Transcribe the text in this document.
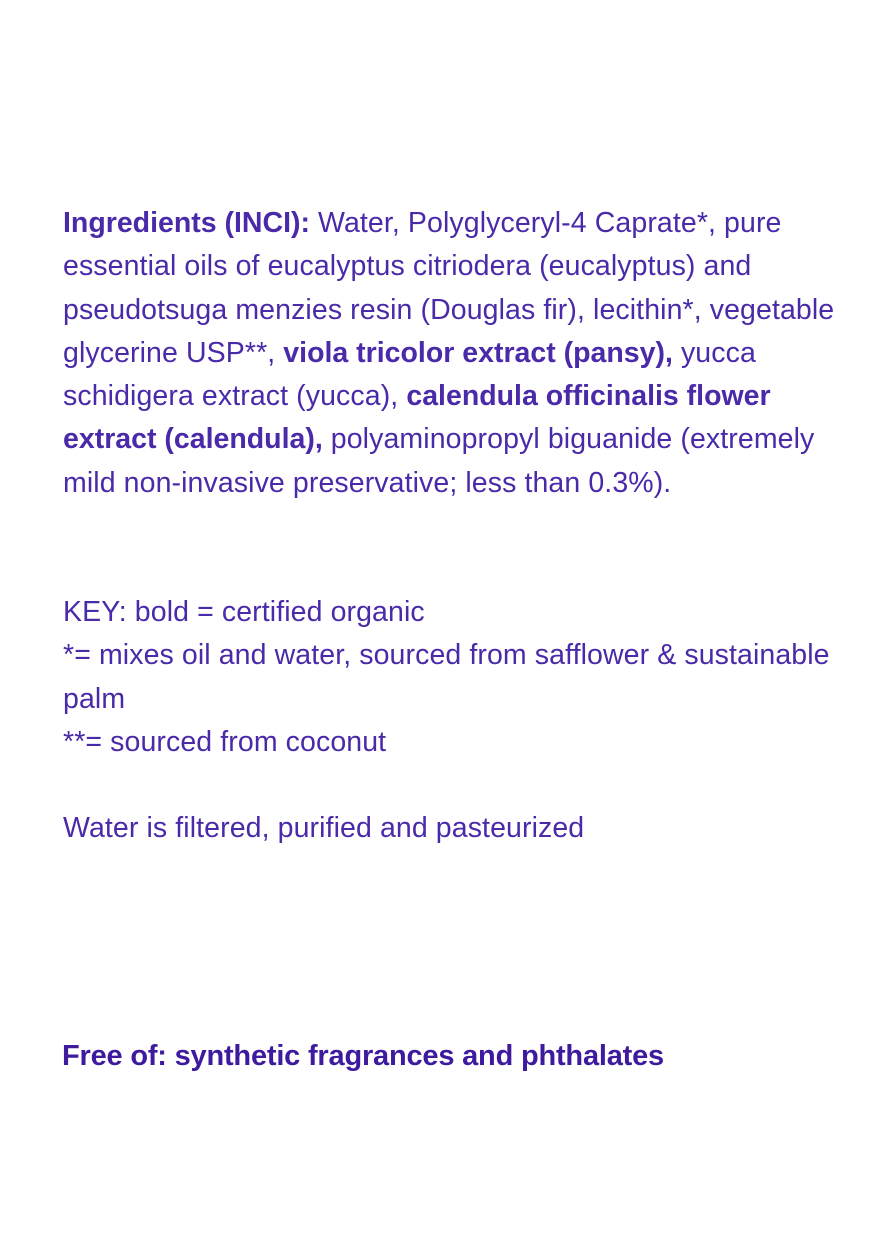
Ingredients (INCI): Water, Polyglyceryl-4 Caprate*, pure essential oils of eucalyptus citriodera (eucalyptus) and pseudotsuga menzies resin (Douglas fir), lecithin*, vegetable glycerine USP**, viola tricolor extract (pansy), yucca schidigera extract (yucca), calendula officinalis flower extract (calendula), polyaminopropyl biguanide (extremely mild non-invasive preservative; less than 0.3%).
KEY: bold = certified organic
*= mixes oil and water, sourced from safflower & sustainable palm
**= sourced from coconut
Water is filtered, purified and pasteurized
Free of: synthetic fragrances and phthalates
